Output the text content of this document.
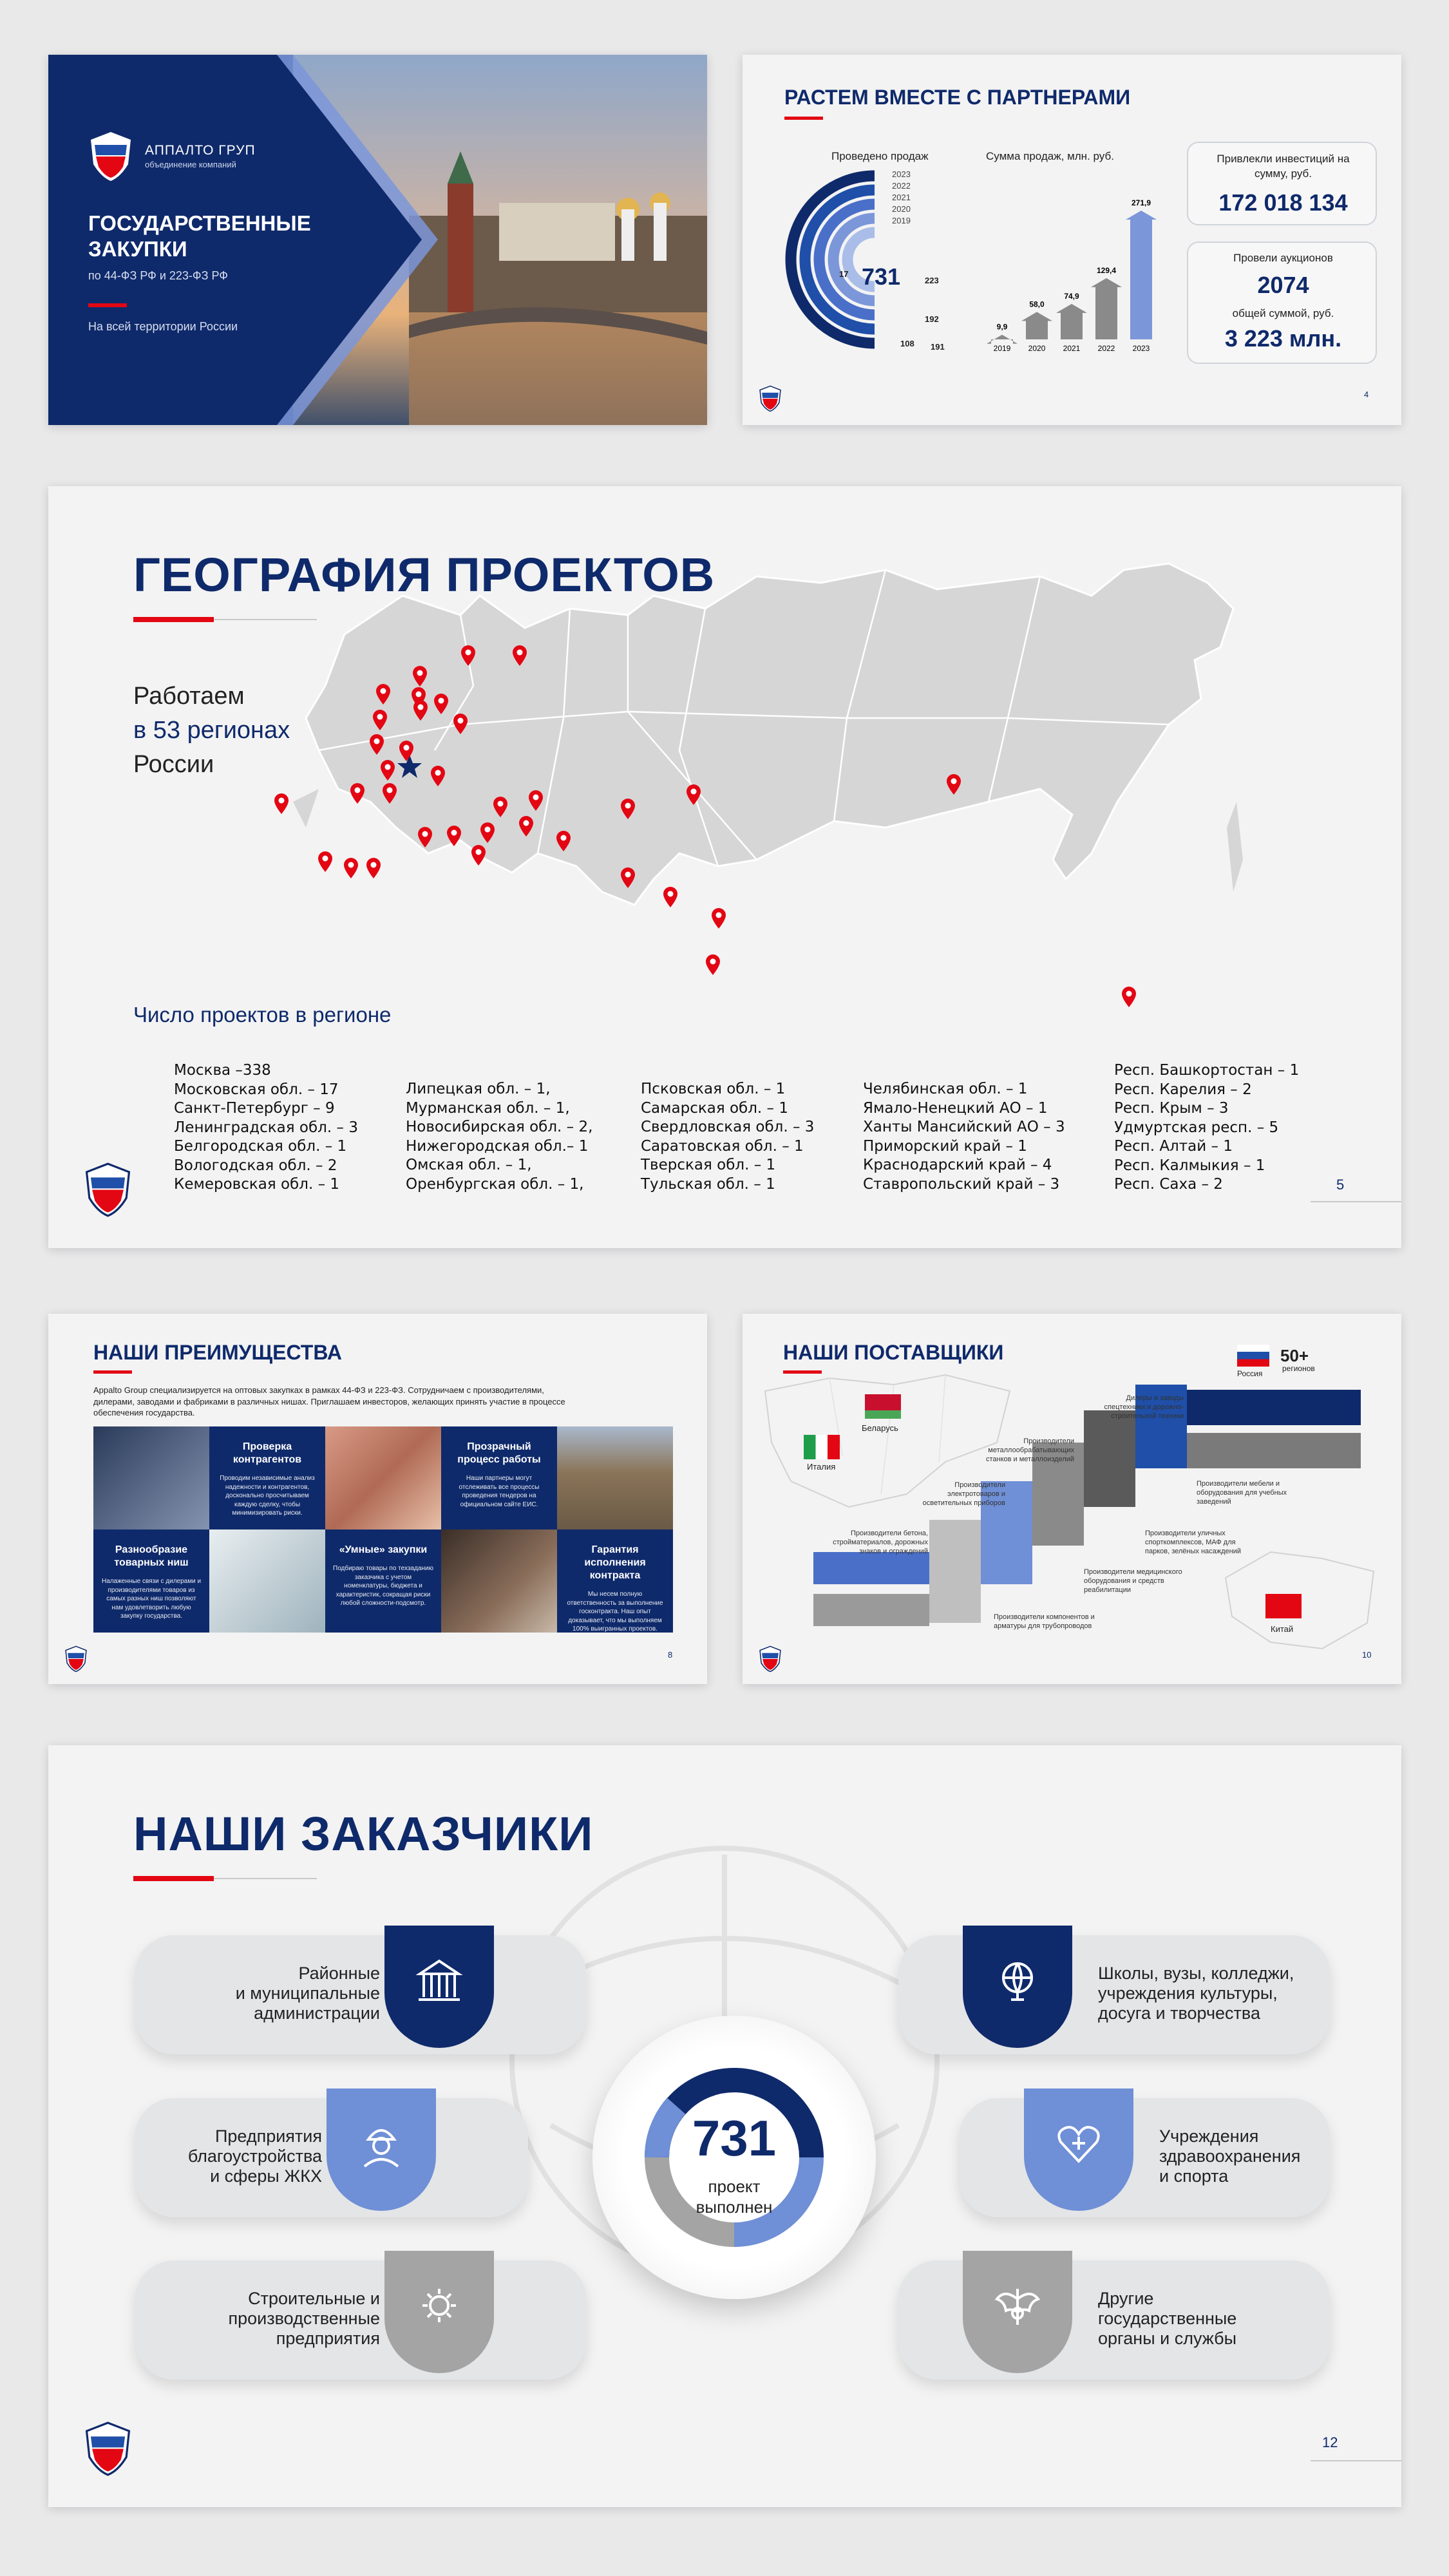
АППАЛТО ГРУП
объединение компаний
ГОСУДАРСТВЕННЫЕ
ЗАКУПКИ
по 44-ФЗ РФ и 223-ФЗ РФ
На всей территории России
РАСТЕМ ВМЕСТЕ С ПАРТНЕРАМИ
Проведено продаж
2023
2022
2021
2020
2019
731
17
223
192
108 191
Сумма продаж, млн. руб.
9,9
2019
58,0
2020
74,9
2021
129,4
2022
271,9
2023
Привлекли инвестиций на сумму, руб.
172 018 134
Провели аукционов
2074
общей суммой, руб.
3 223 млн.
4
ГЕОГРАФИЯ ПРОЕКТОВ
Работаем
в 53 регионах
России
Число проектов в регионе
Москва –338
Московская обл. – 17
Санкт-Петербург – 9
Ленинградская обл. – 3
Белгородская обл. – 1
Вологодская обл. – 2
Кемеровская обл. – 1
Липецкая обл. – 1,
Мурманская обл. – 1,
Новосибирская обл. – 2,
Нижегородская обл.– 1
Омская обл. – 1,
Оренбургская обл. – 1,
Псковская обл. – 1
Самарская обл. – 1
Свердловская обл. – 3
Саратовская обл. – 1
Тверская обл. – 1
Тульская обл. – 1
Челябинская обл. – 1
Ямало-Ненецкий АО – 1
Ханты Мансийский АО – 3
Приморский край – 1
Краснодарский край – 4
Ставропольский край – 3
Респ. Башкортостан – 1
Респ. Карелия – 2
Респ. Крым – 3
Удмуртская респ. – 5
Респ. Алтай – 1
Респ. Калмыкия – 1
Респ. Саха – 2	5
НАШИ ПРЕИМУЩЕСТВА
Appalto Group специализируется на оптовых закупках в рамках 44-ФЗ и 223-ФЗ. Сотрудничаем с производителями, дилерами, заводами и фабриками в различных нишах. Приглашаем инвесторов, желающих принять участие в процессе обеспечения государства.
Проверка контрагентов

Проводим независимые анализ надежности и контрагентов, досконально просчитываем каждую сделку, чтобы минимизировать риски.

Прозрачный процесс работы

Наши партнеры могут отслеживать все процессы проведения тендеров на официальном сайте ЕИС.

Разнообразие товарных ниш

Налаженные связи с дилерами и производителями товаров из самых разных ниш позволяют нам удовлетворить любую закупку государства.

«Умные» закупки

Подбираю товары по техзаданию заказчика с учетом номенклатуры, бюджета и характеристик, сокращая риски любой сложности-подсмотр.

Гарантия исполнения контракта

Мы несем полную ответственность за выполнение госконтракта. Наш опыт доказывает, что мы выполняем 100% выигранных проектов.

8
НАШИ ПОСТАВЩИКИ
Россия
50+
регионов
Беларусь
Италия
Китай
Дилеры и заводы спецтехники и дорожно-строительной техники
Производители металлообрабатывающих станков и металлоизделий
Производители электротоваров и осветительных приборов
Производители бетона, стройматериалов, дорожных знаков и ограждений
Производители компонентов и арматуры для трубопроводов
Производители медицинского оборудования и средств реабилитации
Производители уличных спорткомплексов, МАФ для парков, зелёных насаждений
Производители мебели и оборудования для учебных заведений
10
НАШИ ЗАКАЗЧИКИ
Районные
и муниципальные
администрации
Предприятия
благоустройства
и сферы ЖКХ
Строительные и
производственные
предприятия
Школы, вузы, колледжи,
учреждения культуры,
досуга и творчества
Учреждения
здравоохранения
и спорта
Другие
государственные
органы и службы
731
проект
выполнен
12
